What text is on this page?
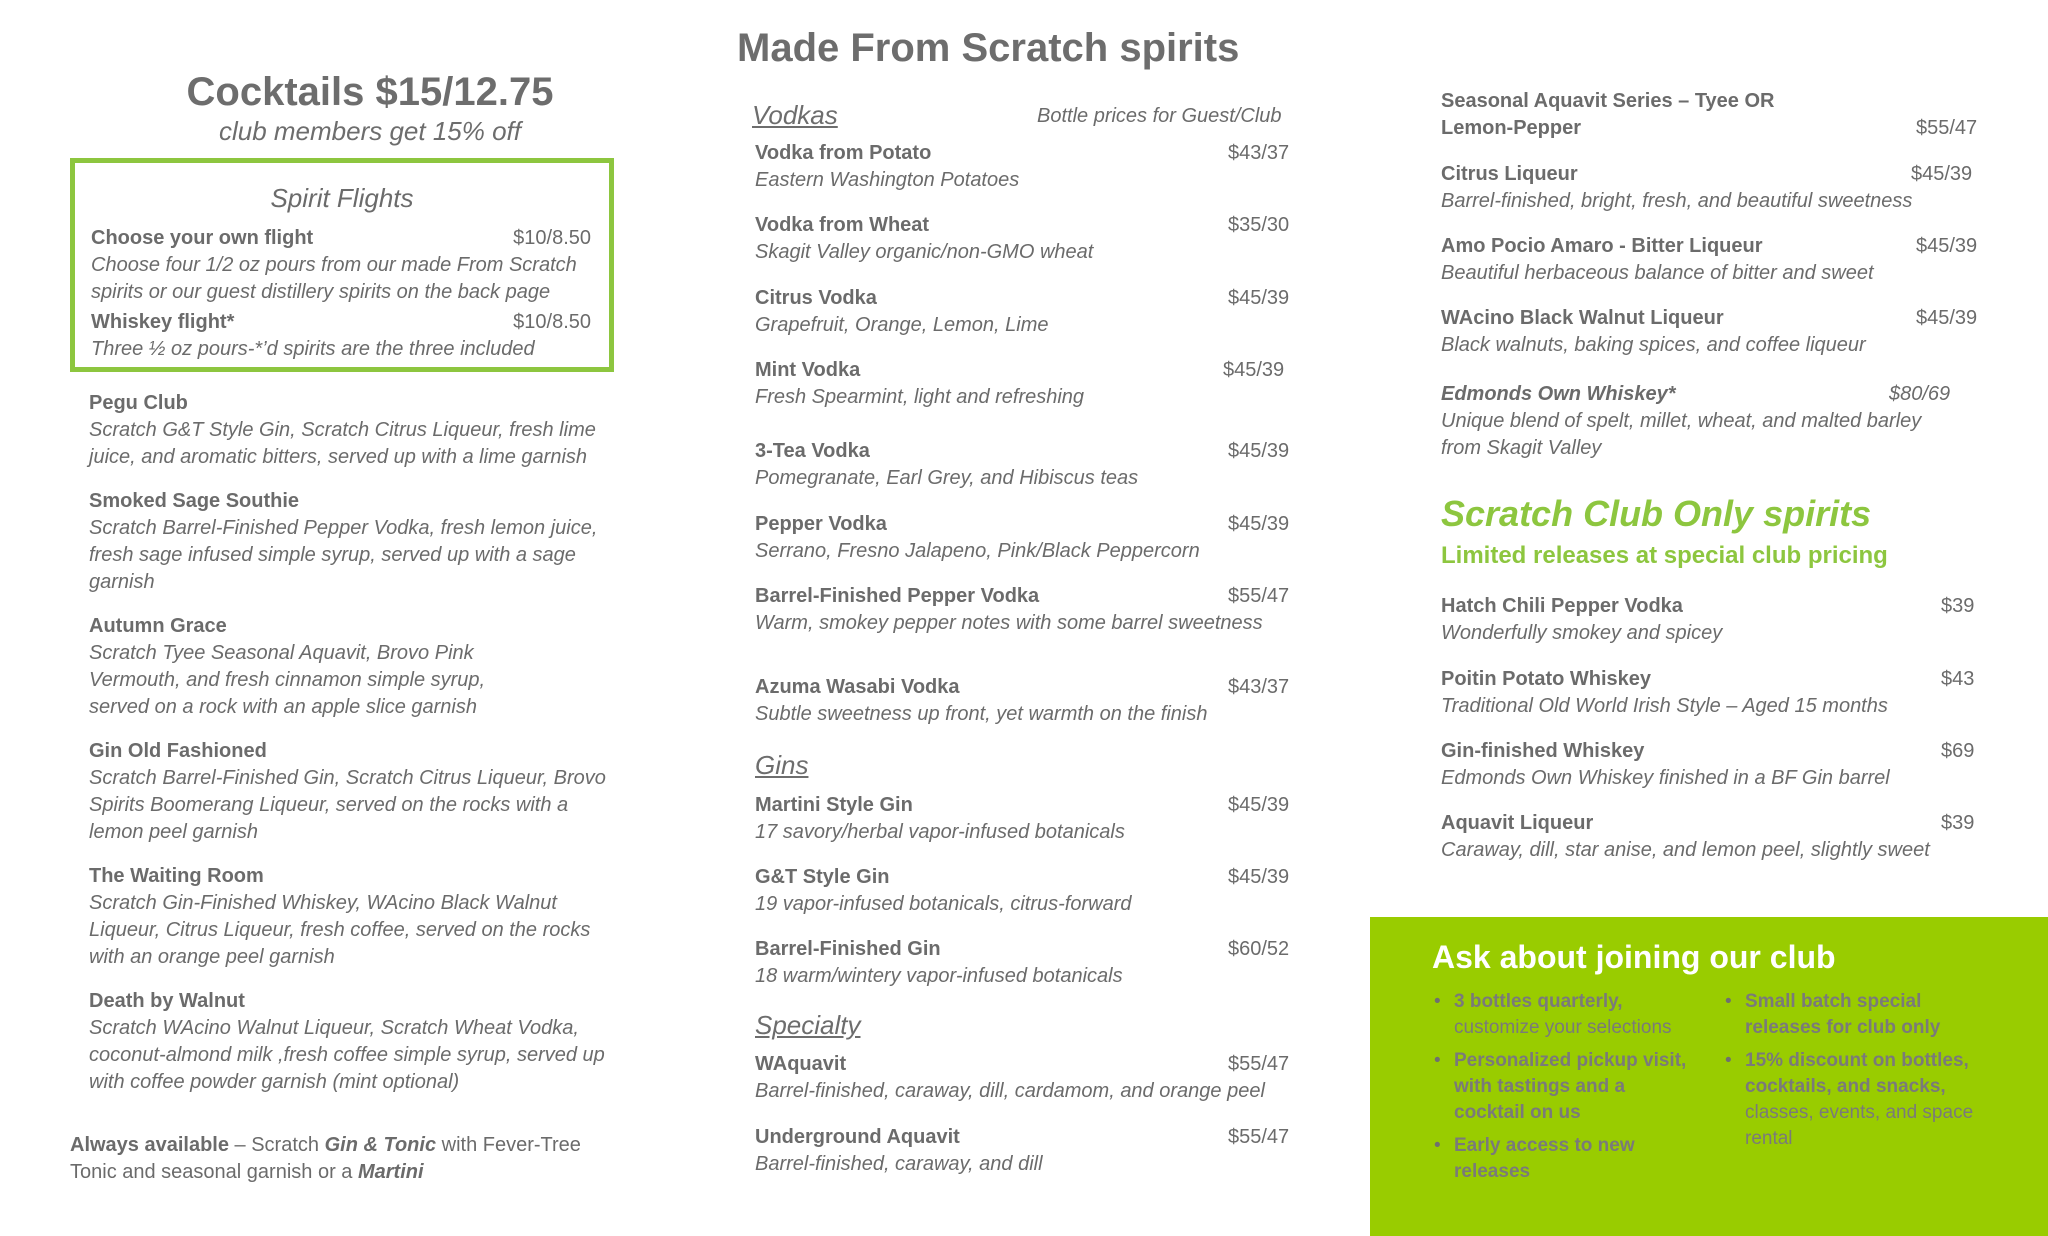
Cocktails $15/12.75
club members get 15% off
Spirit Flights
Choose your own flight	$10/8.50
Choose four 1/2 oz pours from our made From Scratch spirits or our guest distillery spirits on the back page
Whiskey flight*	$10/8.50
Three ½ oz pours-*’d spirits are the three included
Pegu Club
Scratch G&T Style Gin, Scratch Citrus Liqueur, fresh lime juice, and aromatic bitters, served up with a lime garnish
Smoked Sage Southie
Scratch Barrel-Finished Pepper Vodka, fresh lemon juice, fresh sage infused simple syrup, served up with a sage garnish
Autumn Grace
Scratch Tyee Seasonal Aquavit, Brovo Pink Vermouth, and fresh cinnamon simple syrup, served on a rock with an apple slice garnish
Gin Old Fashioned
Scratch Barrel-Finished Gin, Scratch Citrus Liqueur, Brovo Spirits Boomerang Liqueur, served on the rocks with a lemon peel garnish
The Waiting Room
Scratch Gin-Finished Whiskey, WAcino Black Walnut Liqueur, Citrus Liqueur, fresh coffee, served on the rocks with an orange peel garnish
Death by Walnut
Scratch WAcino Walnut Liqueur, Scratch Wheat Vodka, coconut-almond milk ,fresh coffee simple syrup, served up with coffee powder garnish (mint optional)
Always available – Scratch Gin & Tonic with Fever-Tree Tonic and seasonal garnish or a Martini
Made From Scratch spirits
Vodkas	Bottle prices for Guest/Club
Vodka from Potato	$43/37
Eastern Washington Potatoes
Vodka from Wheat	$35/30
Skagit Valley organic/non-GMO wheat
Citrus Vodka	$45/39
Grapefruit, Orange, Lemon, Lime
Mint Vodka	$45/39
Fresh Spearmint, light and refreshing
3-Tea Vodka	$45/39
Pomegranate, Earl Grey, and Hibiscus teas
Pepper Vodka	$45/39
Serrano, Fresno Jalapeno, Pink/Black Peppercorn
Barrel-Finished Pepper Vodka	$55/47
Warm, smokey pepper notes with some barrel sweetness
Azuma Wasabi Vodka	$43/37
Subtle sweetness up front, yet warmth on the finish
Gins
Martini Style Gin	$45/39
17 savory/herbal vapor-infused botanicals
G&T Style Gin	$45/39
19 vapor-infused botanicals, citrus-forward
Barrel-Finished Gin	$60/52
18 warm/wintery vapor-infused botanicals
Specialty
WAquavit	$55/47
Barrel-finished, caraway, dill, cardamom, and orange peel
Underground Aquavit	$55/47
Barrel-finished, caraway, and dill
Seasonal Aquavit Series – Tyee OR Lemon-Pepper	$55/47
Citrus Liqueur	$45/39
Barrel-finished, bright, fresh, and beautiful sweetness
Amo Pocio Amaro - Bitter Liqueur	$45/39
Beautiful herbaceous balance of bitter and sweet
WAcino Black Walnut Liqueur	$45/39
Black walnuts, baking spices, and coffee liqueur
Edmonds Own Whiskey*	$80/69
Unique blend of spelt, millet, wheat, and malted barley from Skagit Valley
Scratch Club Only spirits
Limited releases at special club pricing
Hatch Chili Pepper Vodka	$39
Wonderfully smokey and spicey
Poitin Potato Whiskey	$43
Traditional Old World Irish Style – Aged 15 months
Gin-finished Whiskey	$69
Edmonds Own Whiskey finished in a BF Gin barrel
Aquavit Liqueur	$39
Caraway, dill, star anise, and lemon peel, slightly sweet
Ask about joining our club
• 3 bottles quarterly, customize your selections
• Personalized pickup visit, with tastings and a cocktail on us
• Early access to new releases
• Small batch special releases for club only
• 15% discount on bottles, cocktails, and snacks, classes, events, and space rental
